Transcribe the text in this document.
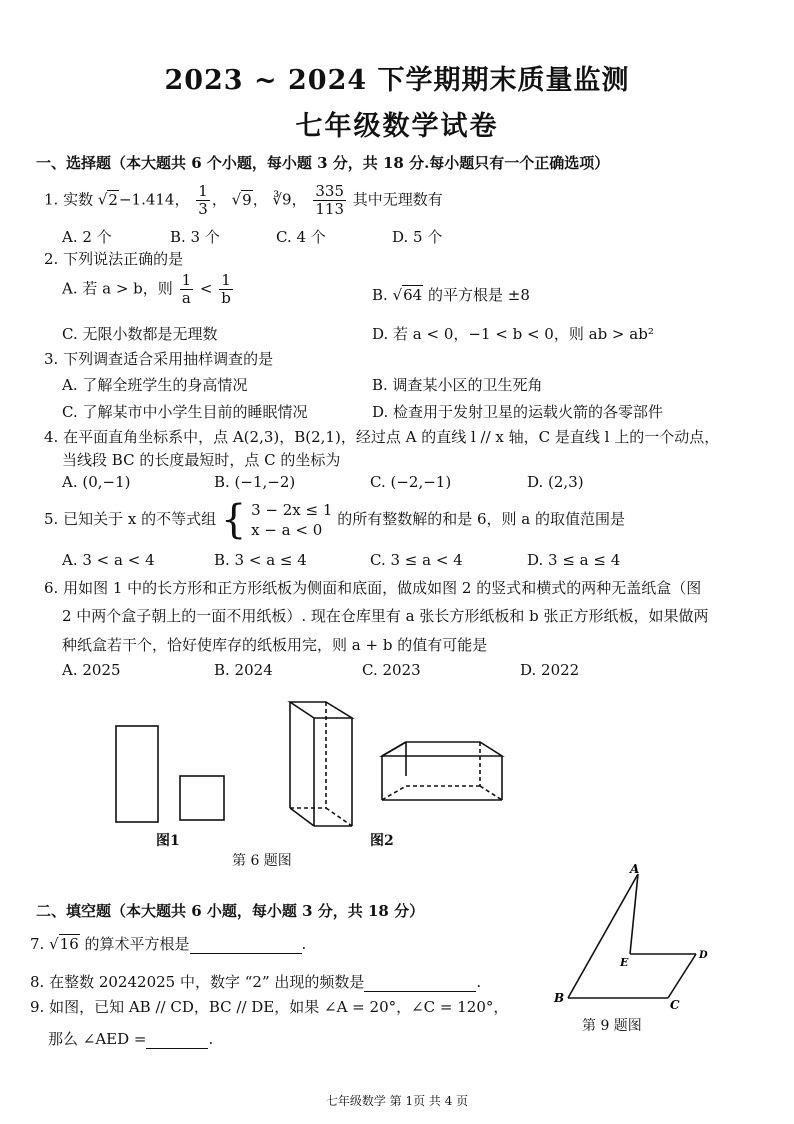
2023 ~ 2024 下学期期末质量监测
七年级数学试卷
一、选择题（本大题共 6 个小题，每小题 3 分，共 18 分.每小题只有一个正确选项）
1. 实数 √2−1.414， $\frac{1}{3}$ ， √9， ∛9， $\frac{335}{113}$ 其中无理数有
A. 2 个	B. 3 个	C. 4 个	D. 5 个
2. 下列说法正确的是
A. 若 a > b，则 $\frac{1}{a} < \frac{1}{b}$	B. √64 的平方根是 ±8
C. 无限小数都是无理数	D. 若 a < 0，−1 < b < 0，则 ab > ab²
3. 下列调查适合采用抽样调查的是
A. 了解全班学生的身高情况	B. 调查某小区的卫生死角
C. 了解某市中小学生目前的睡眠情况	D. 检查用于发射卫星的运载火箭的各零部件
4. 在平面直角坐标系中，点 A(2,3)，B(2,1)，经过点 A 的直线 l // x 轴，C 是直线 l 上的一个动点，
当线段 BC 的长度最短时，点 C 的坐标为
A. (0,−1)	B. (−1,−2)	C. (−2,−1)	D. (2,3)
5. 已知关于 x 的不等式组 { 3 − 2x ≤ 1
x − a < 0
的所有整数解的和是 6，则 a 的取值范围是
A. 3 < a < 4	B. 3 < a ≤ 4	C. 3 ≤ a < 4	D. 3 ≤ a ≤ 4
6. 用如图 1 中的长方形和正方形纸板为侧面和底面，做成如图 2 的竖式和横式的两种无盖纸盒（图
2 中两个盒子朝上的一面不用纸板）. 现在仓库里有 a 张长方形纸板和 b 张正方形纸板，如果做两
种纸盒若干个，恰好使库存的纸板用完，则 a + b 的值有可能是
A. 2025	B. 2024	C. 2023	D. 2022
图1	图2
第 6 题图
二、填空题（本大题共 6 小题，每小题 3 分，共 18 分）
7. √16 的算术平方根是	.
8. 在整数 20242025 中，数字 “2” 出现的频数是	.
9. 如图，已知 AB // CD，BC // DE，如果 ∠A = 20°，∠C = 120°，
那么 ∠AED =	.
A
B	C
D
E
第 9 题图
七年级数学 第 1页 共 4 页
